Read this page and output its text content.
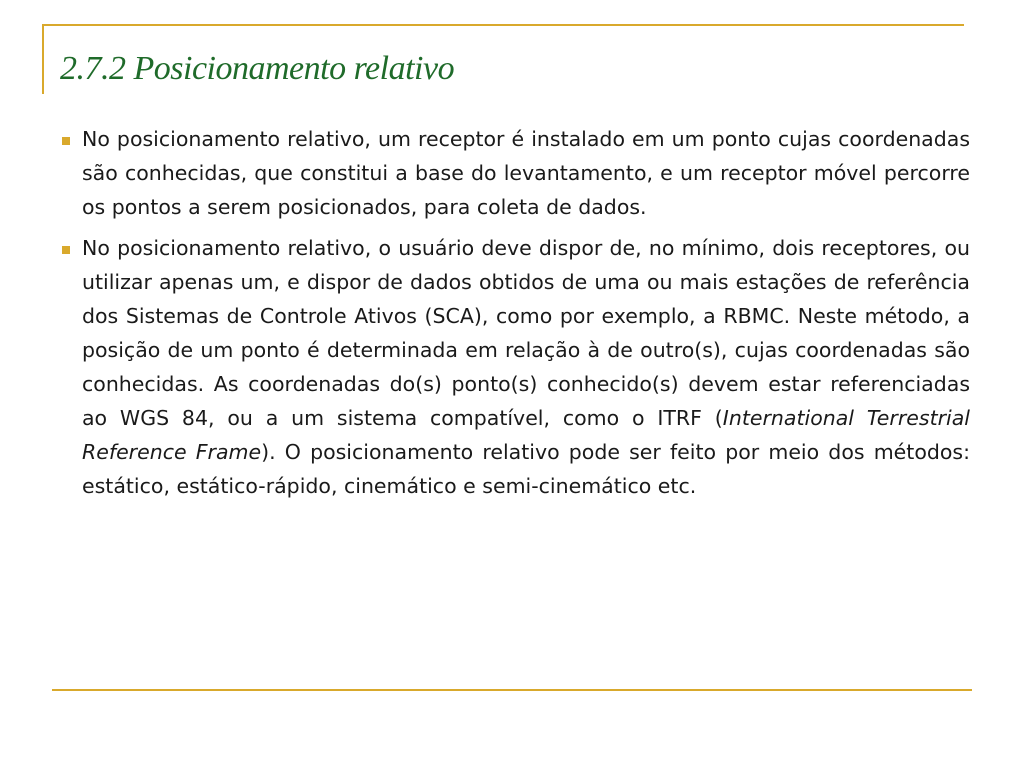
2.7.2 Posicionamento relativo

No posicionamento relativo, um receptor é instalado em um ponto cujas coordenadas são conhecidas, que constitui a base do levantamento, e um receptor móvel percorre os pontos a serem posicionados, para coleta de dados.

No posicionamento relativo, o usuário deve dispor de, no mínimo, dois receptores, ou utilizar apenas um, e dispor de dados obtidos de uma ou mais estações de referência dos Sistemas de Controle Ativos (SCA), como por exemplo, a RBMC. Neste método, a posição de um ponto é determinada em relação à de outro(s), cujas coordenadas são conhecidas. As coordenadas do(s) ponto(s) conhecido(s) devem estar referenciadas ao WGS 84, ou a um sistema compatível, como o ITRF (International Terrestrial Reference Frame). O posicionamento relativo pode ser feito por meio dos métodos: estático, estático-rápido, cinemático e semi-cinemático etc.
